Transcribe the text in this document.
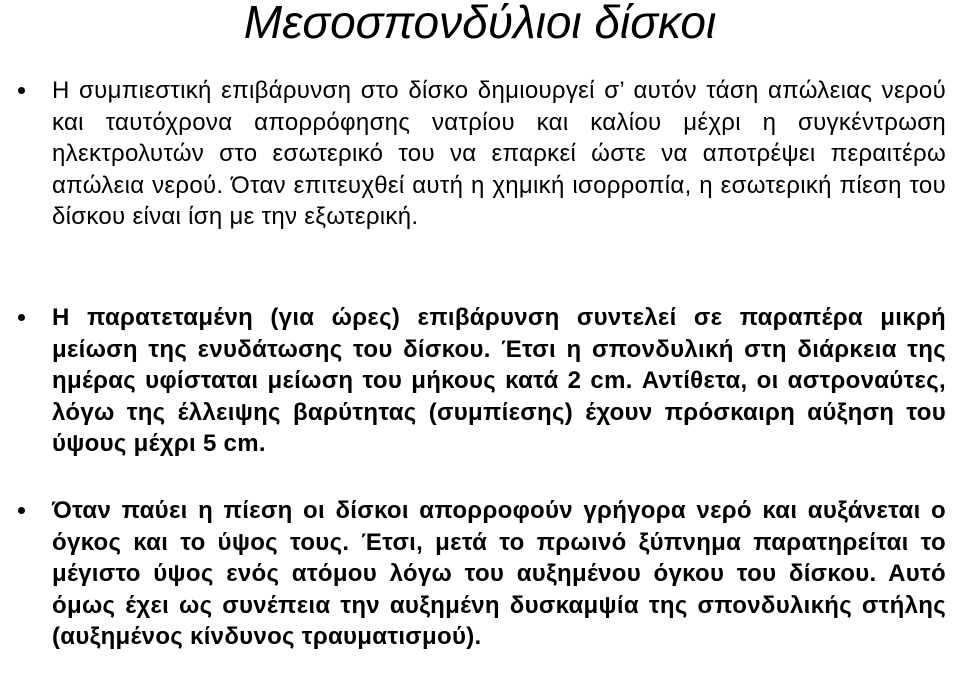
Μεσοσπονδύλιοι δίσκοι
Η συμπιεστική επιβάρυνση στο δίσκο δημιουργεί σ’ αυτόν τάση απώλειας νερού και ταυτόχρονα απορρόφησης νατρίου και καλίου μέχρι η συγκέντρωση ηλεκτρολυτών στο εσωτερικό του να επαρκεί ώστε να αποτρέψει περαιτέρω απώλεια νερού. Όταν επιτευχθεί αυτή η χημική ισορροπία, η εσωτερική πίεση του δίσκου είναι ίση με την εξωτερική.
Η παρατεταμένη (για ώρες) επιβάρυνση συντελεί σε παραπέρα μικρή μείωση της ενυδάτωσης του δίσκου. Έτσι η σπονδυλική στη διάρκεια της ημέρας υφίσταται μείωση του μήκους κατά 2 cm. Αντίθετα, οι αστροναύτες, λόγω της έλλειψης βαρύτητας (συμπίεσης) έχουν πρόσκαιρη αύξηση του ύψους μέχρι 5 cm.
Όταν παύει η πίεση οι δίσκοι απορροφούν γρήγορα νερό και αυξάνεται ο όγκος και το ύψος τους. Έτσι, μετά το πρωινό ξύπνημα παρατηρείται το μέγιστο ύψος ενός ατόμου λόγω του αυξημένου όγκου του δίσκου. Αυτό όμως έχει ως συνέπεια την αυξημένη δυσκαμψία της σπονδυλικής στήλης (αυξημένος κίνδυνος τραυματισμού).
